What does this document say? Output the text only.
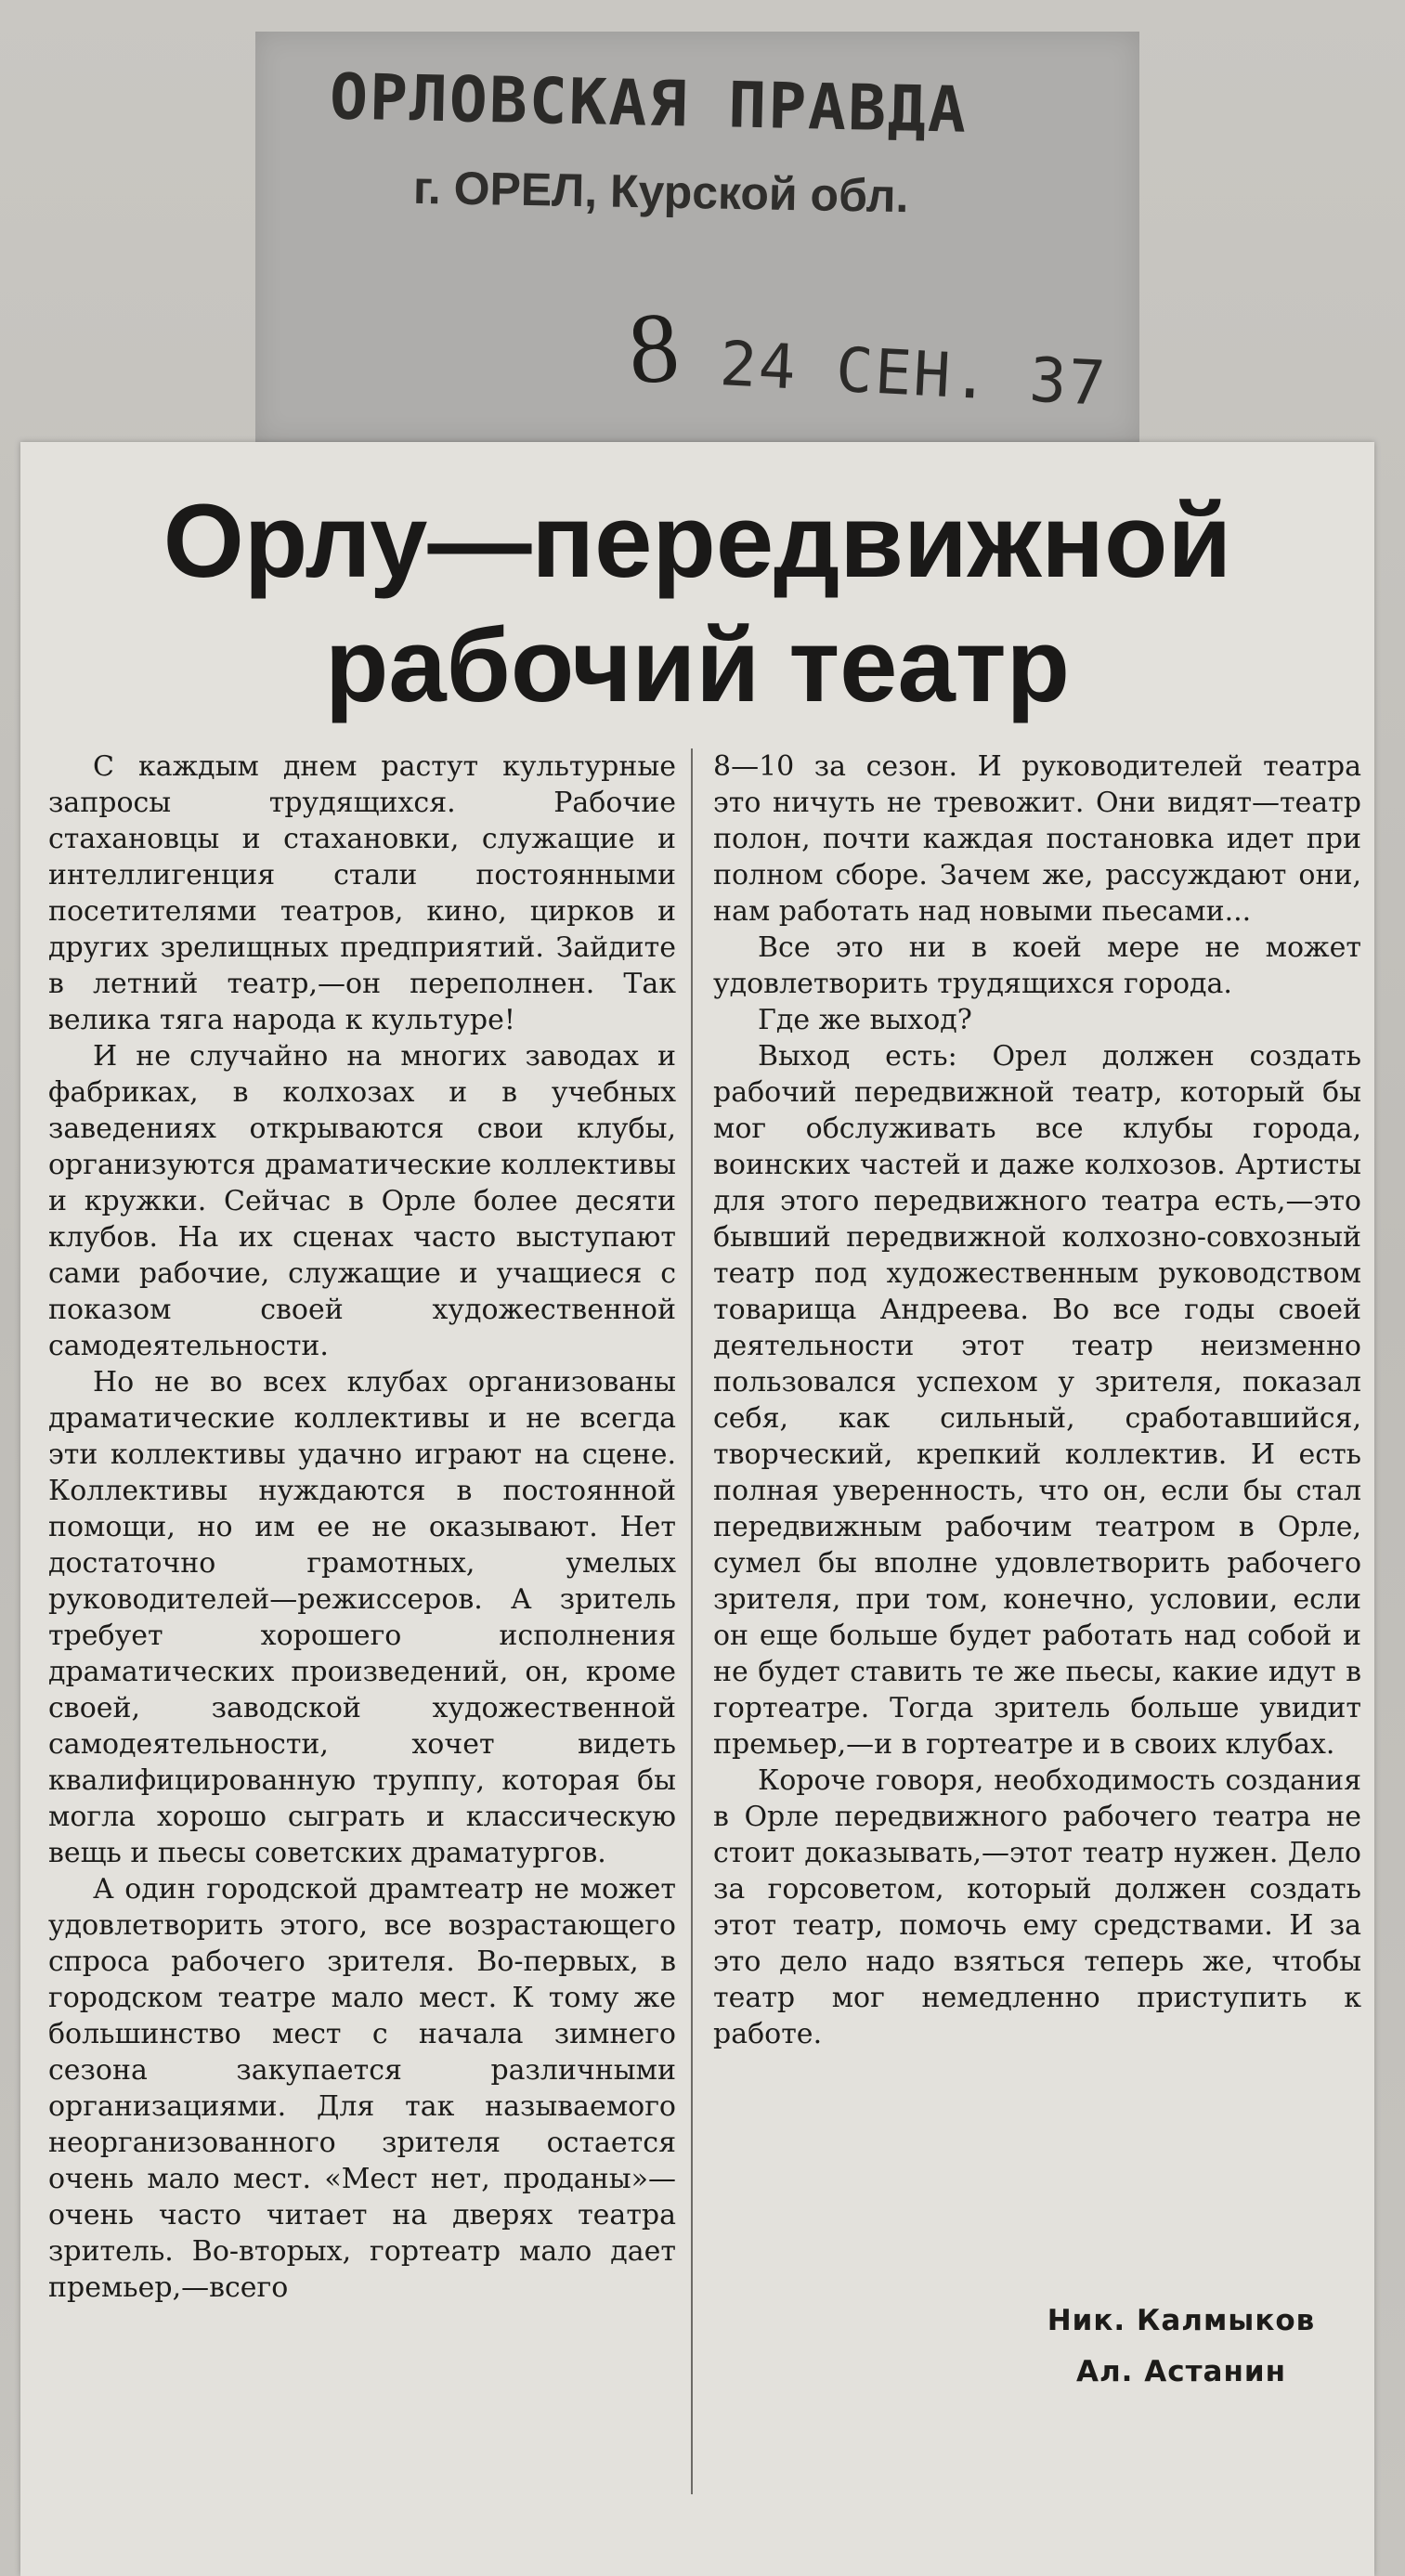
ОРЛОВСКАЯ ПРАВДА
г. ОРЕЛ, Курской обл.
8 24 СЕН. 37
Орлу—передвижной
рабочий театр

С каждым днем растут культурные запросы трудящихся. Рабочие стахановцы и стахановки, служащие и интеллигенция стали постоянными посетителями театров, кино, цирков и других зрелищных предприятий. Зайдите в летний театр,—он переполнен. Так велика тяга народа к культуре!

И не случайно на многих заводах и фабриках, в колхозах и в учебных заведениях открываются свои клубы, организуются драматические коллективы и кружки. Сейчас в Орле более десяти клубов. На их сценах часто выступают сами рабочие, служащие и учащиеся с показом своей художественной самодеятельности.

Но не во всех клубах организованы драматические коллективы и не всегда эти коллективы удачно играют на сцене. Коллективы нуждаются в постоянной помощи, но им ее не оказывают. Нет достаточно грамотных, умелых руководителей—режиссеров. А зритель требует хорошего исполнения драматических произведений, он, кроме своей, заводской художественной самодеятельности, хочет видеть квалифицированную труппу, которая бы могла хорошо сыграть и классическую вещь и пьесы советских драматургов.

А один городской драмтеатр не может удовлетворить этого, все возрастающего спроса рабочего зрителя. Во-первых, в городском театре мало мест. К тому же большинство мест с начала зимнего сезона закупается различными организациями. Для так называемого неорганизованного зрителя остается очень мало мест. «Мест нет, проданы»—очень часто читает на дверях театра зритель. Во-вторых, гортеатр мало дает премьер,—всего

8—10 за сезон. И руководителей театра это ничуть не тревожит. Они видят—театр полон, почти каждая постановка идет при полном сборе. Зачем же, рассуждают они, нам работать над новыми пьесами...

Все это ни в коей мере не может удовлетворить трудящихся города.

Где же выход?

Выход есть: Орел должен создать рабочий передвижной театр, который бы мог обслуживать все клубы города, воинских частей и даже колхозов. Артисты для этого передвижного театра есть,—это бывший передвижной колхозно-совхозный театр под художественным руководством товарища Андреева. Во все годы своей деятельности этот театр неизменно пользовался успехом у зрителя, показал себя, как сильный, сработавшийся, творческий, крепкий коллектив. И есть полная уверенность, что он, если бы стал передвижным рабочим театром в Орле, сумел бы вполне удовлетворить рабочего зрителя, при том, конечно, условии, если он еще больше будет работать над собой и не будет ставить те же пьесы, какие идут в гортеатре. Тогда зритель больше увидит премьер,—и в гортеатре и в своих клубах.

Короче говоря, необходимость создания в Орле передвижного рабочего театра не стоит доказывать,—этот театр нужен. Дело за горсоветом, который должен создать этот театр, помочь ему средствами. И за это дело надо взяться теперь же, чтобы театр мог немедленно приступить к работе.

Ник. Калмыков
Ал. Астанин
